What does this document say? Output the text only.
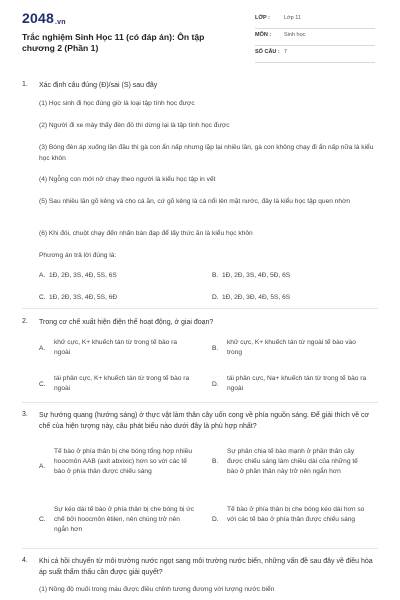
2048.vn
Trắc nghiệm Sinh Học 11 (có đáp án): Ôn tập chương 2 (Phần 1)
LỚP :	Lớp 11
MÔN : Sinh học
SỐ CÂU : 7
1. Xác định câu đúng (Đ)/sai (S) sau đây
(1) Học sinh đi học đúng giờ là loại tập tính học được
(2) Người đi xe máy thấy đèn đỏ thì dừng lại là tập tính học được
(3) Bóng đèn áp xuống lần đầu thì gà con ẩn nấp nhưng lặp lại nhiều lần, gà con không chạy đi ẩn nấp nữa là kiểu học khôn
(4) Ngỗng con mới nở chạy theo người là kiểu học tập in vết
(5) Sau nhiều lần gõ kẻng và cho cá ăn, cứ gõ kẻng là cá nổi lên mặt nước, đây là kiểu học tập quen nhờn
(6) Khi đói, chuột chạy đến nhấn bàn đạp để lấy thức ăn là kiểu học khôn
Phương án trả lời đúng là:
A. 1Đ, 2Đ, 3S, 4Đ, 5S, 6S	B. 1Đ, 2Đ, 3S, 4Đ, 5Đ, 6S
C. 1Đ, 2Đ, 3S, 4Đ, 5S, 6Đ	D. 1Đ, 2Đ, 3Đ, 4Đ, 5S, 6S
2. Trong cơ chế xuất hiện điện thế hoạt động, ở giai đoạn?
A.
khử cực, K+ khuếch tán từ trong tế bào ra ngoài
B.
khử cực, K+ khuếch tán từ ngoài tế bào vào trong
C.
tái phân cực, K+ khuếch tán từ trong tế bào ra ngoài
D.
tái phân cực, Na+ khuếch tán từ trong tế bào ra ngoài
3. Sự hướng quang (hướng sáng) ở thực vật làm thân cây uốn cong về phía nguồn sáng. Để giải thích về cơ chế của hiện tượng này, câu phát biểu nào dưới đây là phù hợp nhất?
A.
Tế bào ở phía thân bị che bóng tổng hợp nhiều hoocmôn AAB (axit abxixic) hơn so với các tế bào ở phía thân được chiếu sáng
B.
Sự phân chia tế bào mạnh ở phần thân cây được chiếu sáng làm chiều dài của những tế bào ở phần thân này trở nên ngắn hơn
C.
Sự kéo dài tế bào ở phía thân bị che bóng bị ức chế bởi hoocmôn êtilen, nên chúng trở nên ngắn hơn
D.
Tế bào ở phía thân bị che bóng kéo dài hơn so với các tế bào ở phía thân được chiếu sáng
4. Khi cá hồi chuyển từ môi trường nước ngọt sang môi trường nước biển, những vấn đề sau đây về điều hòa áp suất thẩm thấu cần được giải quyết?
(1) Nồng độ muối trong máu được điều chỉnh tương đương với lượng nước biển
